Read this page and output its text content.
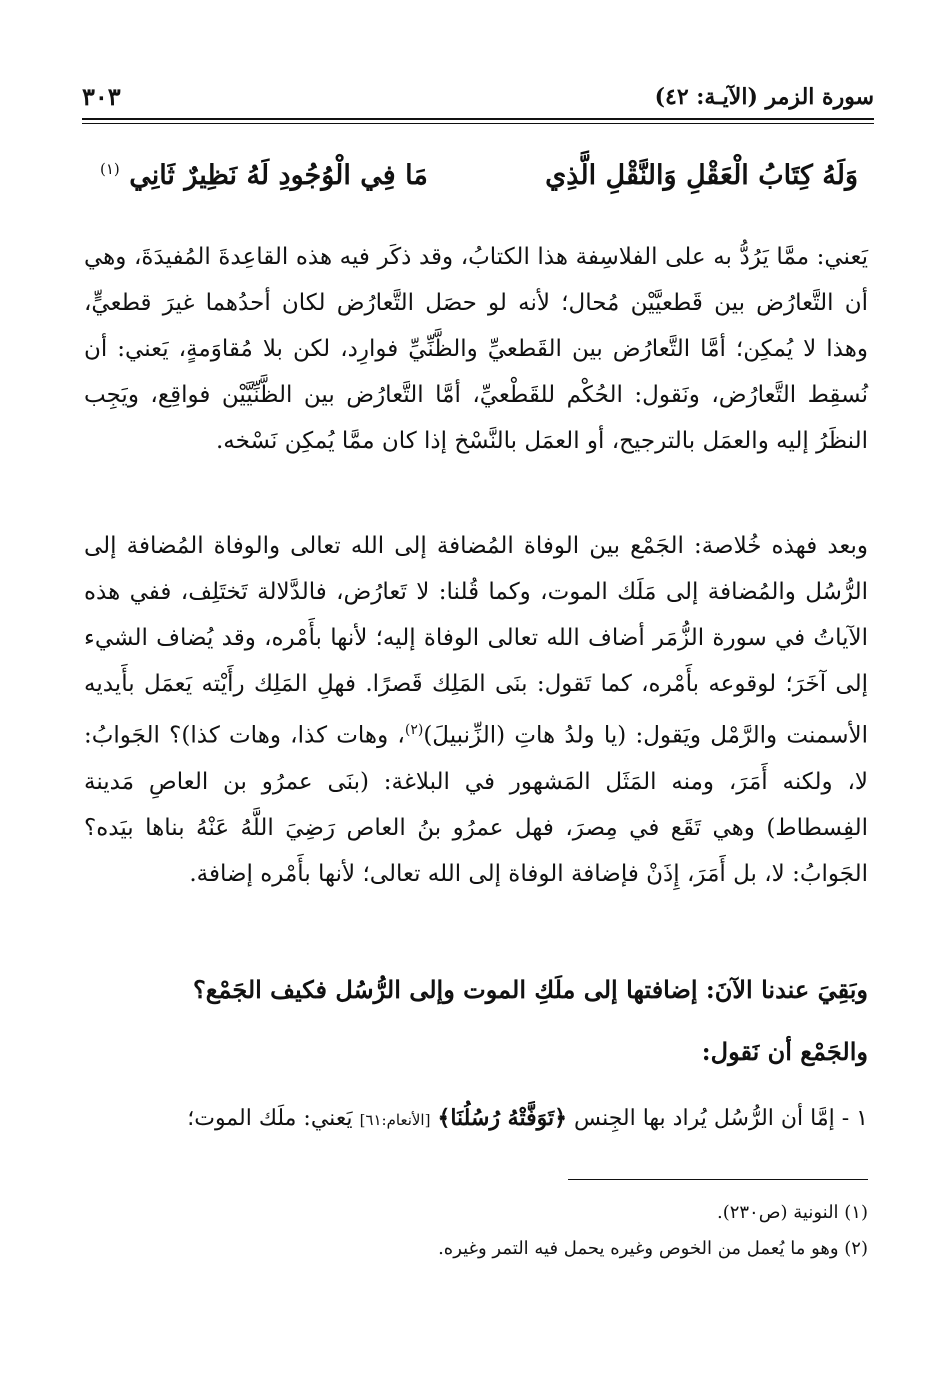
سورة الزمر (الآيـة: ٤٢)
٣٠٣
وَلَهُ كِتَابُ الْعَقْلِ وَالنَّقْلِ الَّذِي
مَا فِي الْوُجُودِ لَهُ نَظِيرٌ ثَانِي $^{(١)}$

يَعني: ممَّا يَرُدُّ به على الفلاسِفة هذا الكتابُ، وقد ذكَر فيه هذه القاعِدةَ المُفيدَةَ، وهي أن التَّعارُض بين قَطعيَّيْن مُحال؛ لأنه لو حصَل التَّعارُض لكان أحدُهما غيرَ قطعيٍّ، وهذا لا يُمكِن؛ أمَّا التَّعارُض بين القَطعيِّ والظَّنِّيِّ فوارِد، لكن بلا مُقاوَمةٍ، يَعني: أن نُسقِط التَّعارُض، ونَقول: الحُكْم للقَطْعيِّ، أمَّا التَّعارُض بين الظَّنِّيَّيْن فواقِع، ويَجِب النظَرُ إليه والعمَل بالترجيح، أو العمَل بالنَّسْخ إذا كان ممَّا يُمكِن نَسْخه.

وبعد فهذه خُلاصة: الجَمْع بين الوفاة المُضافة إلى الله تعالى والوفاة المُضافة إلى الرُّسُل والمُضافة إلى مَلَك الموت، وكما قُلنا: لا تَعارُض، فالدَّلالة تَختَلِف، ففي هذه الآياتُ في سورة الزُّمَر أضاف الله تعالى الوفاة إليه؛ لأنها بأَمْره، وقد يُضاف الشيء إلى آخَرَ؛ لوقوعه بأَمْره، كما تَقول: بنَى المَلِك قَصرًا. فهلِ المَلِك رأَيْته يَعمَل بأَيديه الأسمنت والرَّمْل ويَقول: (يا ولدُ هاتِ (الزِّنبيلَ)$^{(٢)}$، وهات كذا، وهات كذا)؟ الجَوابُ: لا، ولكنه أَمَرَ، ومنه المَثَل المَشهور في البلاغة: (بنَى عمرُو بن العاصِ مَدينة الفِسطاط) وهي تَقَع في مِصرَ، فهل عمرُو بنُ العاص رَضِيَ اللَّهُ عَنْهُ بناها بيَده؟ الجَوابُ: لا، بل أَمَرَ، إِذَنْ فإضافة الوفاة إلى الله تعالى؛ لأنها بأَمْره إضافة.

وبَقِيَ عندنا الآنَ: إضافتها إلى ملَكِ الموت وإلى الرُّسُل فكيف الجَمْع؟
والجَمْع أن نَقول:
١ - إمَّا أن الرُّسُل يُراد بها الجِنس ﴿تَوَفَّتْهُ رُسُلُنَا﴾ [الأنعام:٦١] يَعني: ملَك الموت؛
(١) النونية (ص٢٣٠).
(٢) وهو ما يُعمل من الخوص وغيره يحمل فيه التمر وغيره.
